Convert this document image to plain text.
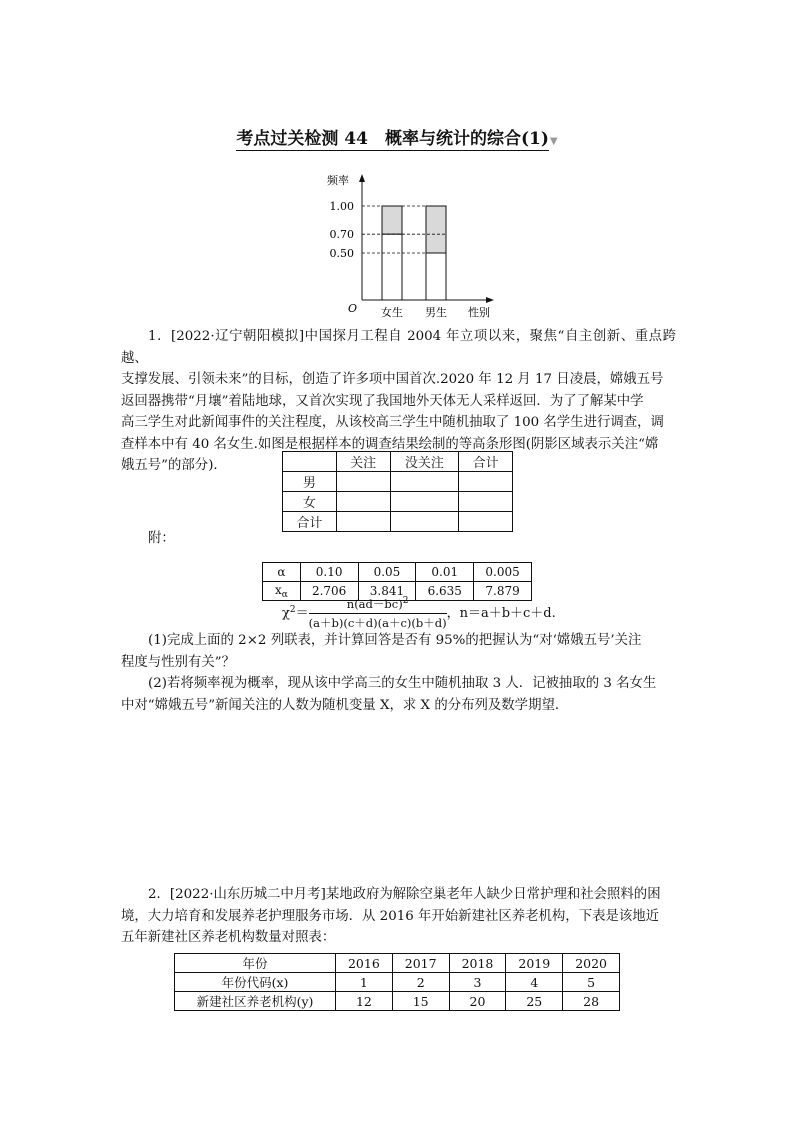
考点过关检测 44　概率与统计的综合(1)▼
频率
性别
O 女生 男生
1.00
0.70
0.50

1．[2022·辽宁朝阳模拟]中国探月工程自 2004 年立项以来，聚焦“自主创新、重点跨越、

支撑发展、引领未来”的目标，创造了许多项中国首次.2020 年 12 月 17 日凌晨，嫦娥五号

返回器携带“月壤”着陆地球，又首次实现了我国地外天体无人采样返回．为了了解某中学

高三学生对此新闻事件的关注程度，从该校高三学生中随机抽取了 100 名学生进行调查，调

查样本中有 40 名女生.如图是根据样本的调查结果绘制的等高条形图(阴影区域表示关注“嫦

娥五号”的部分)．

		关注	没关注	合计
男			
女			
合计			

附：

α	0.10	0.05	0.01	0.005
$x_\alpha$	2.706	3.841	6.635	7.879
$\chi^2= \frac{n(ad-bc)^2}{(a+b)(c+d)(a+c)(b+d)}$ ，n＝a＋b＋c＋d.

(1)完成上面的 2×2 列联表，并计算回答是否有 95%的把握认为“对‘嫦娥五号’关注

程度与性别有关”？

(2)若将频率视为概率，现从该中学高三的女生中随机抽取 3 人．记被抽取的 3 名女生

中对“嫦娥五号”新闻关注的人数为随机变量 X，求 X 的分布列及数学期望．

2．[2022·山东历城二中月考]某地政府为解除空巢老年人缺少日常护理和社会照料的困

境，大力培育和发展养老护理服务市场．从 2016 年开始新建社区养老机构，下表是该地近

五年新建社区养老机构数量对照表：

年份	2016	2017	2018	2019	2020
年份代码(x)	1	2	3	4	5
新建社区养老机构(y)	12	15	20	25	28
